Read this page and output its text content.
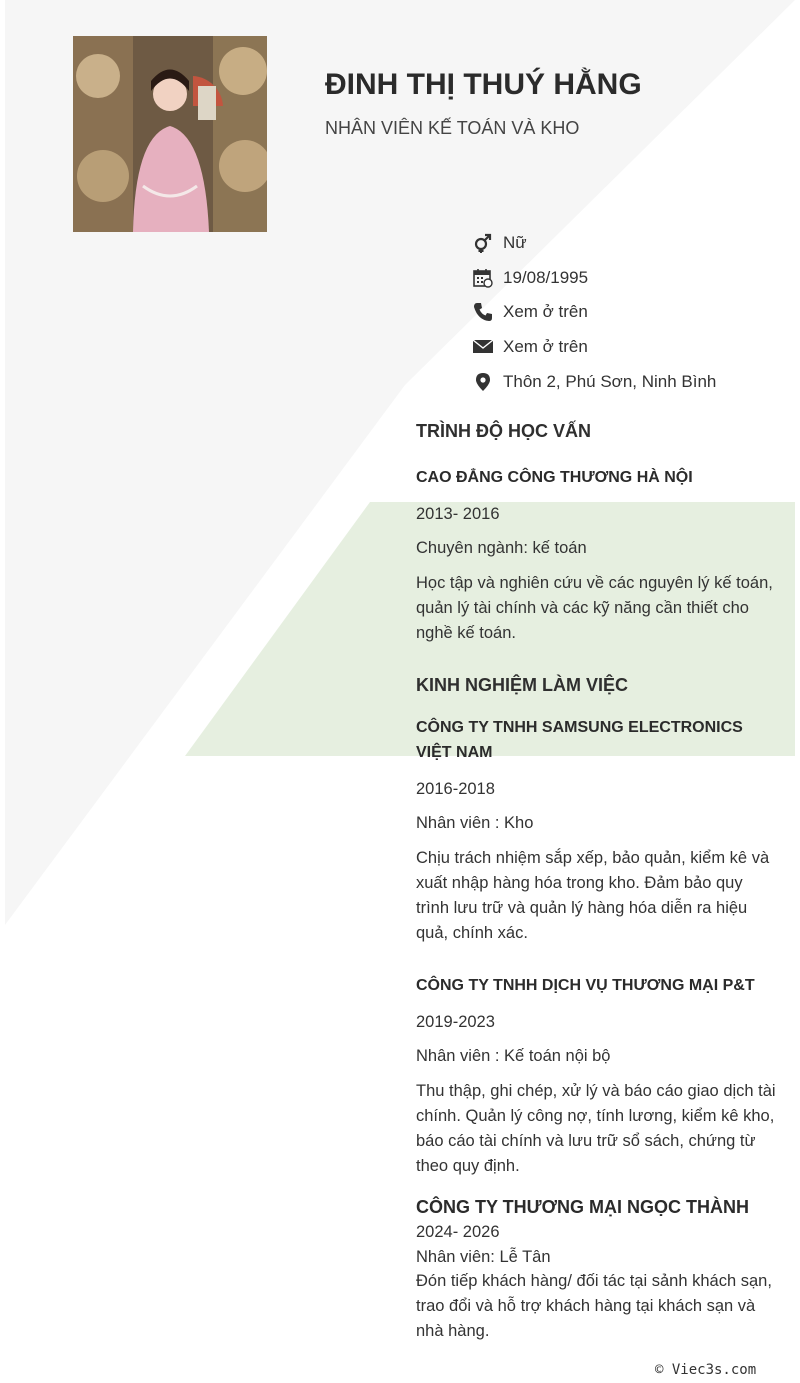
ĐINH THỊ THUÝ HẰNG
NHÂN VIÊN KẾ TOÁN VÀ KHO
Nữ
19/08/1995
Xem ở trên
Xem ở trên
Thôn 2, Phú Sơn, Ninh Bình
TRÌNH ĐỘ HỌC VẤN
CAO ĐẲNG CÔNG THƯƠNG HÀ NỘI
2013- 2016
Chuyên ngành: kế toán
Học tập và nghiên cứu về các nguyên lý kế toán, quản lý tài chính và các kỹ năng cần thiết cho nghề kế toán.
KINH NGHIỆM LÀM VIỆC
CÔNG TY TNHH SAMSUNG ELECTRONICS VIỆT NAM
2016-2018
Nhân viên : Kho
Chịu trách nhiệm sắp xếp, bảo quản, kiểm kê và xuất nhập hàng hóa trong kho. Đảm bảo quy trình lưu trữ và quản lý hàng hóa diễn ra hiệu quả, chính xác.
CÔNG TY TNHH DỊCH VỤ THƯƠNG MẠI P&T
2019-2023
Nhân viên : Kế toán nội bộ
Thu thập, ghi chép, xử lý và báo cáo giao dịch tài chính. Quản lý công nợ, tính lương, kiểm kê kho, báo cáo tài chính và lưu trữ sổ sách, chứng từ theo quy định.
CÔNG TY THƯƠNG MẠI NGỌC THÀNH
2024- 2026
Nhân viên: Lễ Tân
Đón tiếp khách hàng/ đối tác tại sảnh khách sạn, trao đổi và hỗ trợ khách hàng tại khách sạn và nhà hàng.
© Viec3s.com
